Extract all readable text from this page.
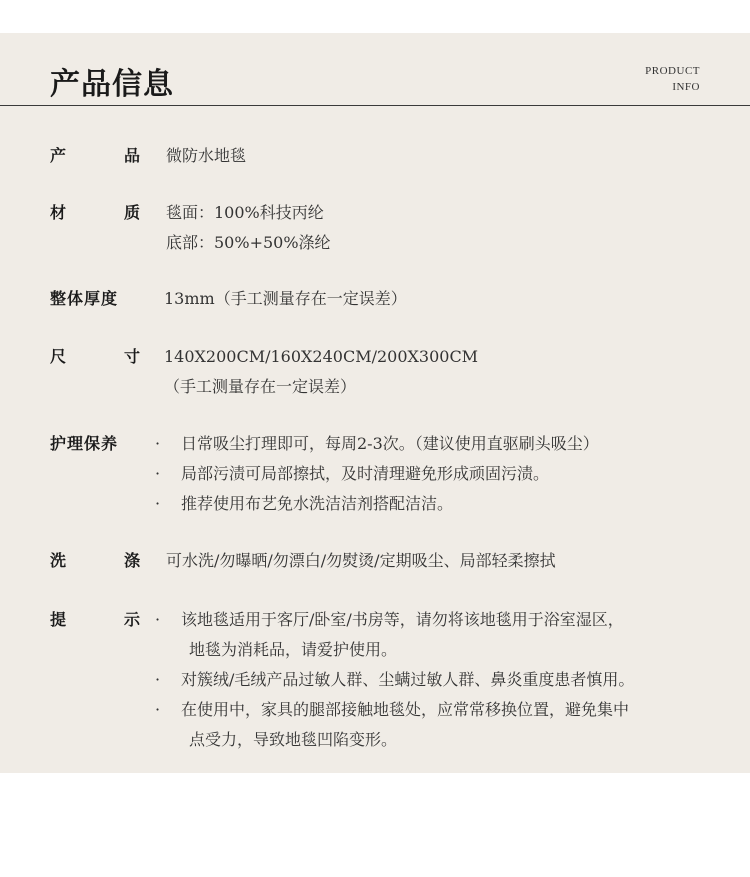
产品信息	PRODUCT
INFO
产	品 微防水地毯
材	质 毯面：100%科技丙纶
底部：50%+50%涤纶
整体厚度	13mm（手工测量存在一定误差）
尺	寸 140X200CM/160X240CM/200X300CM
（手工测量存在一定误差）
护理保养	·	日常吸尘打理即可，每周2-3次。（建议使用直驱刷头吸尘）
·	局部污渍可局部擦拭，及时清理避免形成顽固污渍。
·	推荐使用布艺免水洗洁洁剂搭配洁洁。
洗	涤 可水洗/勿曝晒/勿漂白/勿熨烫/定期吸尘、局部轻柔擦拭
提	示 ·	该地毯适用于客厅/卧室/书房等，请勿将该地毯用于浴室湿区，
地毯为消耗品，请爱护使用。
·	对簇绒/毛绒产品过敏人群、尘螨过敏人群、鼻炎重度患者慎用。
·	在使用中，家具的腿部接触地毯处，应常常移换位置，避免集中
点受力，导致地毯凹陷变形。
